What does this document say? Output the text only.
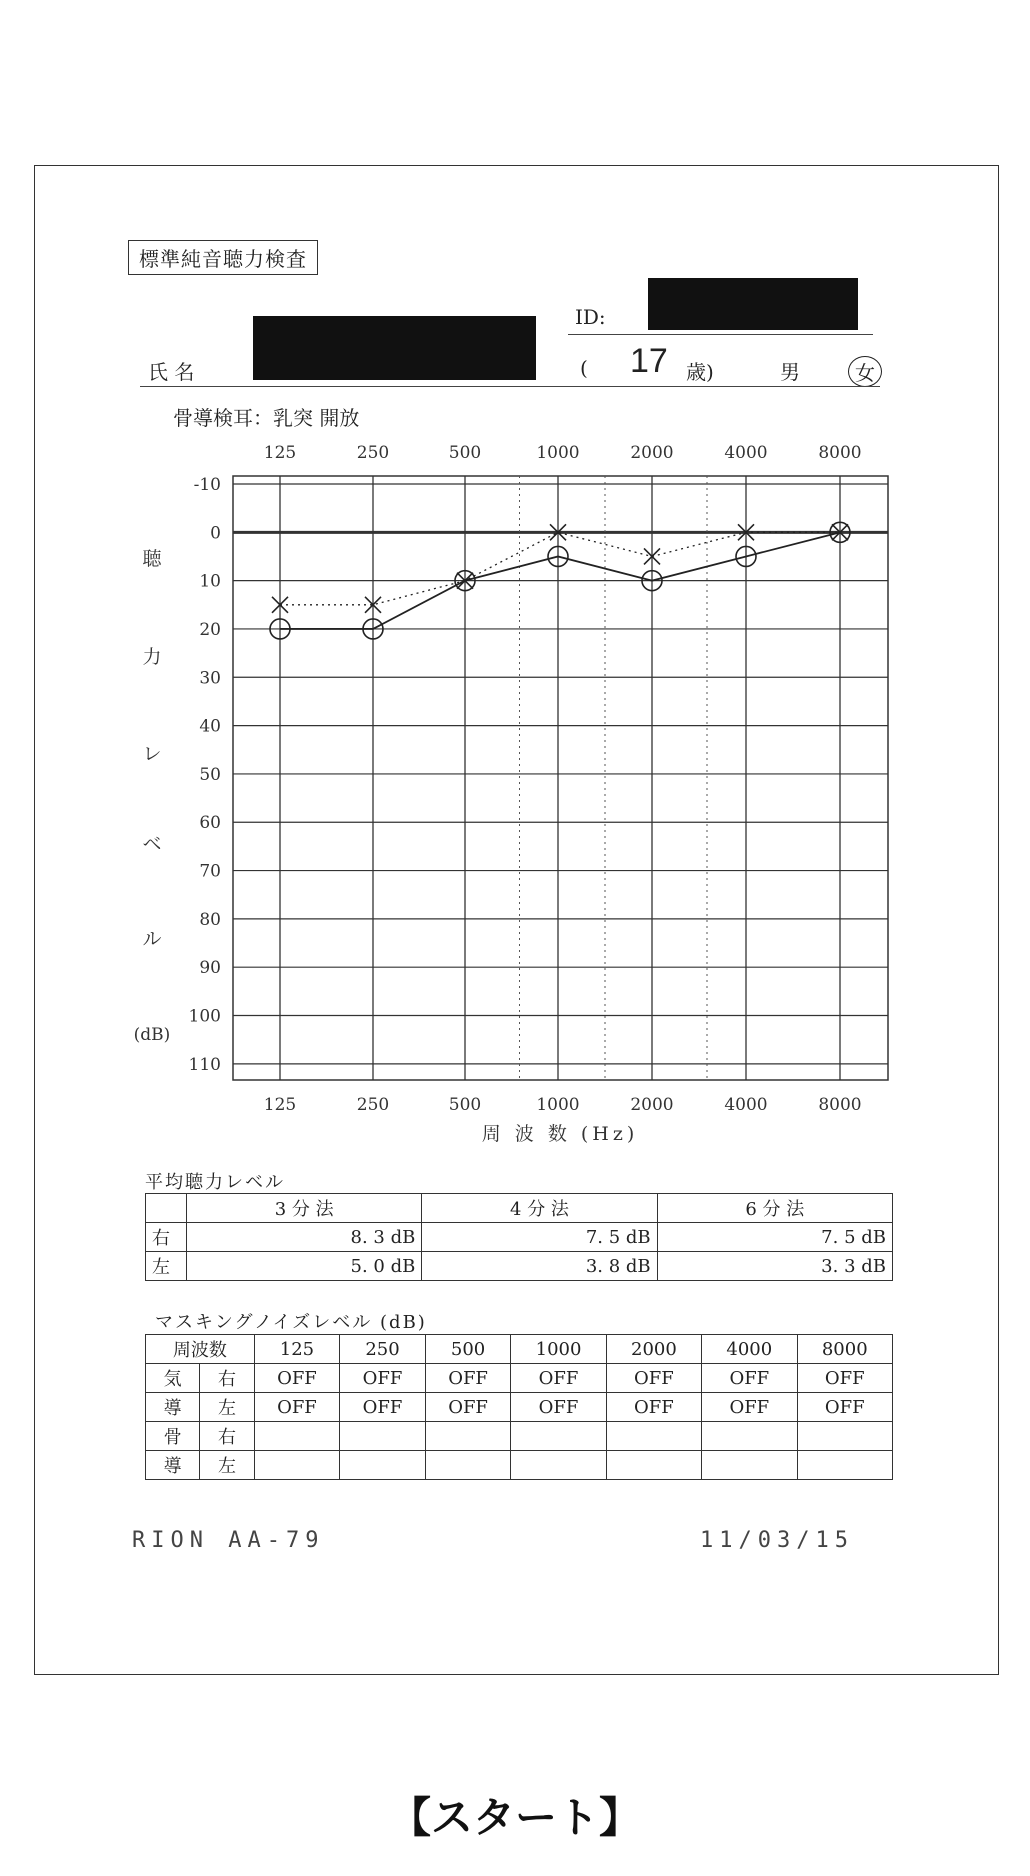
標準純音聴力検査
ID:
氏 名	( 17 歳)	男	女
骨導検耳：乳突 開放
-10
0
10
20
30
40
50
60
70
80
90
100
110
125
125
250
250
500
500
1000
1000
2000
2000
4000
4000
8000
8000
聴
力
レ
ベ
ル
(dB)
周 波 数 (Hz)
平均聴力レベル
	3 分 法	4 分 法	6 分 法
右	8. 3 dB	7. 5 dB	7. 5 dB
左	5. 0 dB	3. 8 dB	3. 3 dB
マスキングノイズレベル (dB)
周波数		125	250	500	1000	2000	4000	8000
気	右	OFF	OFF	OFF	OFF	OFF	OFF	OFF
導	左	OFF	OFF	OFF	OFF	OFF	OFF	OFF
骨	右							
導	左							
RION AA-79	11/03/15
【スタート】
